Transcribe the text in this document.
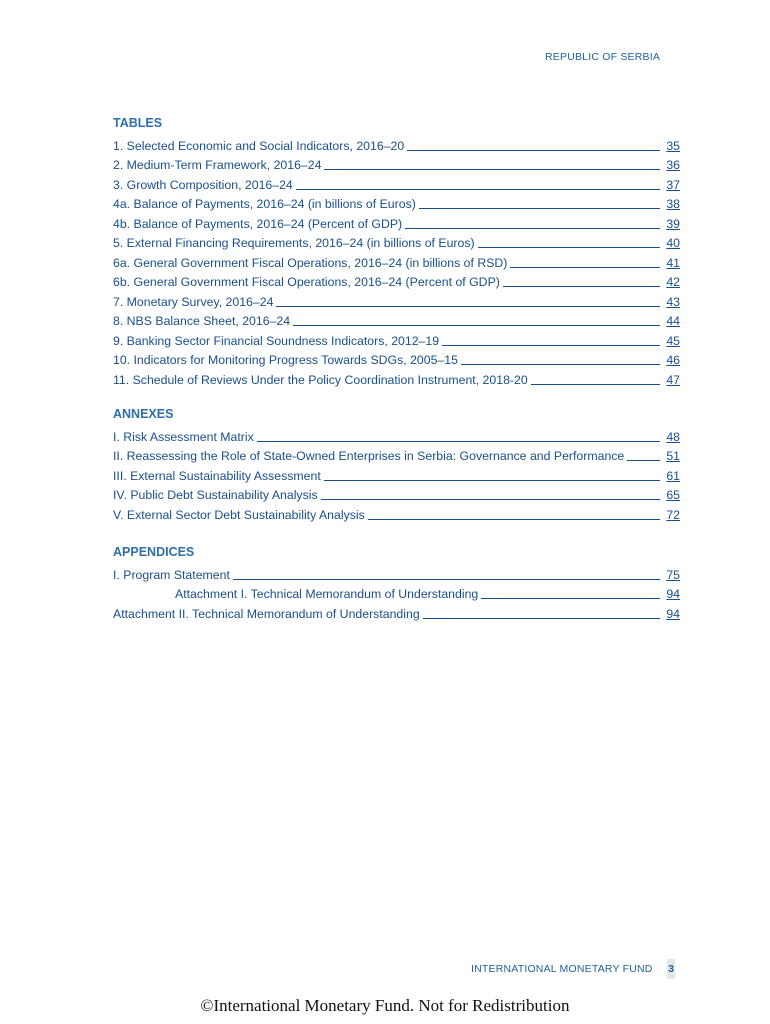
REPUBLIC OF SERBIA
TABLES
1. Selected Economic and Social Indicators, 2016–20	35
2. Medium-Term Framework, 2016–24	36
3. Growth Composition, 2016–24	37
4a. Balance of Payments, 2016–24 (in billions of Euros)	38
4b. Balance of Payments, 2016–24 (Percent of GDP)	39
5. External Financing Requirements, 2016–24 (in billions of Euros)	40
6a. General Government Fiscal Operations, 2016–24 (in billions of RSD)	41
6b. General Government Fiscal Operations, 2016–24 (Percent of GDP)	42
7. Monetary Survey, 2016–24	43
8. NBS Balance Sheet, 2016–24	44
9. Banking Sector Financial Soundness Indicators, 2012–19	45
10. Indicators for Monitoring Progress Towards SDGs, 2005–15	46
11. Schedule of Reviews Under the Policy Coordination Instrument, 2018-20	47
ANNEXES
I. Risk Assessment Matrix	48
II. Reassessing the Role of State-Owned Enterprises in Serbia: Governance and Performance	51
III. External Sustainability Assessment	61
IV. Public Debt Sustainability Analysis	65
V. External Sector Debt Sustainability Analysis	72
APPENDICES
I. Program Statement	75
Attachment I. Technical Memorandum of Understanding	94
Attachment II. Technical Memorandum of Understanding	94
INTERNATIONAL MONETARY FUND 3
©International Monetary Fund. Not for Redistribution
